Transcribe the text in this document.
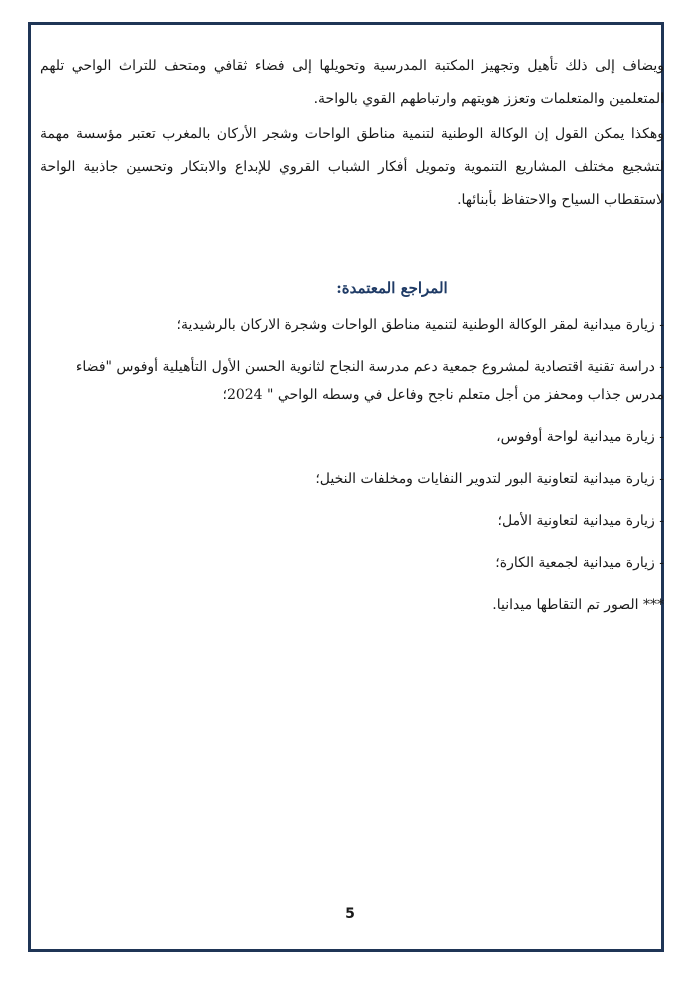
ويضاف إلى ذلك تأهيل وتجهيز المكتبة المدرسية وتحويلها إلى فضاء ثقافي ومتحف للتراث الواحي تلهم المتعلمين والمتعلمات وتعزز هويتهم وارتباطهم القوي بالواحة.

وهكذا يمكن القول إن الوكالة الوطنية لتنمية مناطق الواحات وشجر الأركان بالمغرب تعتبر مؤسسة مهمة لتشجيع مختلف المشاريع التنموية وتمويل أفكار الشباب القروي للإبداع والابتكار وتحسين جاذبية الواحة لاستقطاب السياح والاحتفاظ بأبنائها.

المراجع المعتمدة:
- زيارة ميدانية لمقر الوكالة الوطنية لتنمية مناطق الواحات وشجرة الاركان بالرشيدية؛
- دراسة تقنية اقتصادية لمشروع جمعية دعم مدرسة النجاح لثانوية الحسن الأول التأهيلية أوفوس "فضاء مدرس جذاب ومحفز من أجل متعلم ناجح وفاعل في وسطه الواحي " 2024؛
- زيارة ميدانية لواحة أوفوس،
- زيارة ميدانية لتعاونية البور لتدوير النفايات ومخلفات النخيل؛
- زيارة ميدانية لتعاونية الأمل؛
- زيارة ميدانية لجمعية الكارة؛
*** الصور تم التقاطها ميدانيا.
5
